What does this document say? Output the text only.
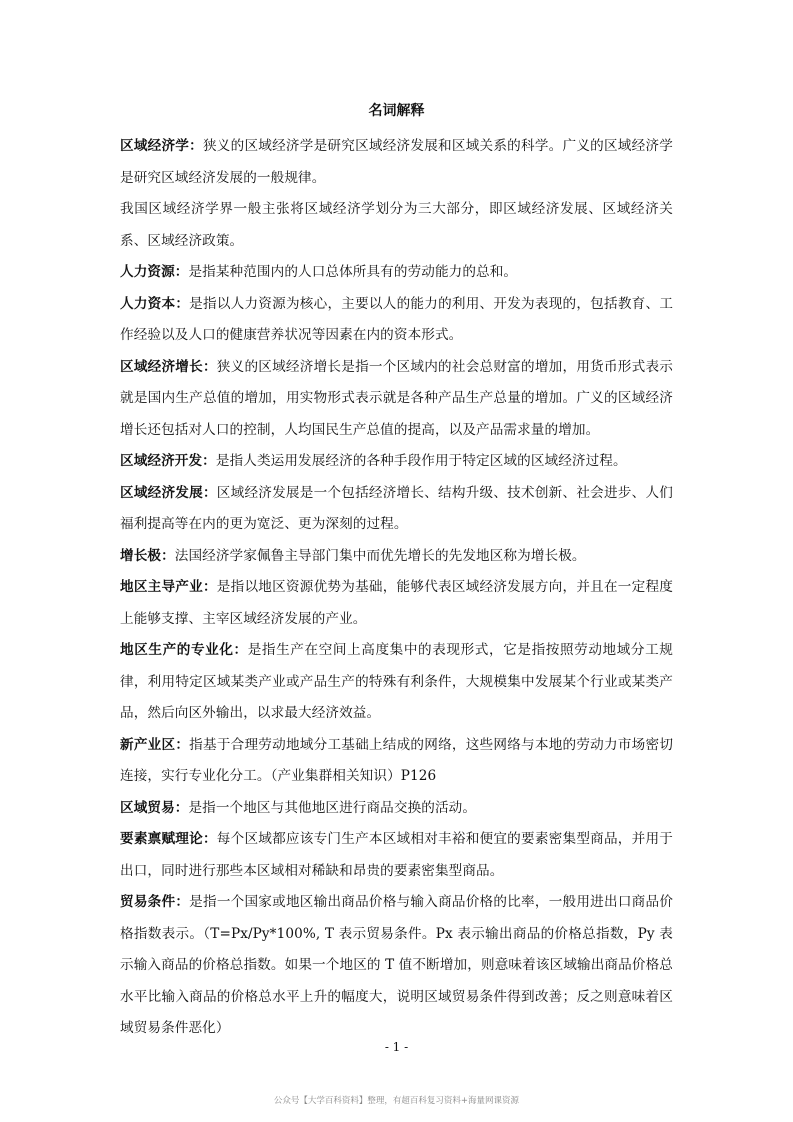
名词解释

区域经济学：狭义的区域经济学是研究区域经济发展和区域关系的科学。广义的区域经济学是研究区域经济发展的一般规律。

我国区域经济学界一般主张将区域经济学划分为三大部分，即区域经济发展、区域经济关系、区域经济政策。

人力资源：是指某种范围内的人口总体所具有的劳动能力的总和。

人力资本：是指以人力资源为核心，主要以人的能力的利用、开发为表现的，包括教育、工作经验以及人口的健康营养状况等因素在内的资本形式。

区域经济增长：狭义的区域经济增长是指一个区域内的社会总财富的增加，用货币形式表示就是国内生产总值的增加，用实物形式表示就是各种产品生产总量的增加。广义的区域经济增长还包括对人口的控制，人均国民生产总值的提高，以及产品需求量的增加。

区域经济开发：是指人类运用发展经济的各种手段作用于特定区域的区域经济过程。

区域经济发展：区域经济发展是一个包括经济增长、结构升级、技术创新、社会进步、人们福利提高等在内的更为宽泛、更为深刻的过程。

增长极：法国经济学家佩鲁主导部门集中而优先增长的先发地区称为增长极。

地区主导产业：是指以地区资源优势为基础，能够代表区域经济发展方向，并且在一定程度上能够支撑、主宰区域经济发展的产业。

地区生产的专业化：是指生产在空间上高度集中的表现形式，它是指按照劳动地域分工规律，利用特定区域某类产业或产品生产的特殊有利条件，大规模集中发展某个行业或某类产品，然后向区外输出，以求最大经济效益。

新产业区：指基于合理劳动地域分工基础上结成的网络，这些网络与本地的劳动力市场密切连接，实行专业化分工。（产业集群相关知识）P126

区域贸易：是指一个地区与其他地区进行商品交换的活动。

要素禀赋理论：每个区域都应该专门生产本区域相对丰裕和便宜的要素密集型商品，并用于出口，同时进行那些本区域相对稀缺和昂贵的要素密集型商品。

贸易条件：是指一个国家或地区输出商品价格与输入商品价格的比率，一般用进出口商品价格指数表示。（T=Px/Py*100%, T 表示贸易条件。Px 表示输出商品的价格总指数，Py 表示输入商品的价格总指数。如果一个地区的 T 值不断增加，则意味着该区域输出商品价格总水平比输入商品的价格总水平上升的幅度大，说明区域贸易条件得到改善；反之则意味着区域贸易条件恶化）

- 1 -
公众号【大学百科资料】整理，有超百科复习资料+海量网课资源
